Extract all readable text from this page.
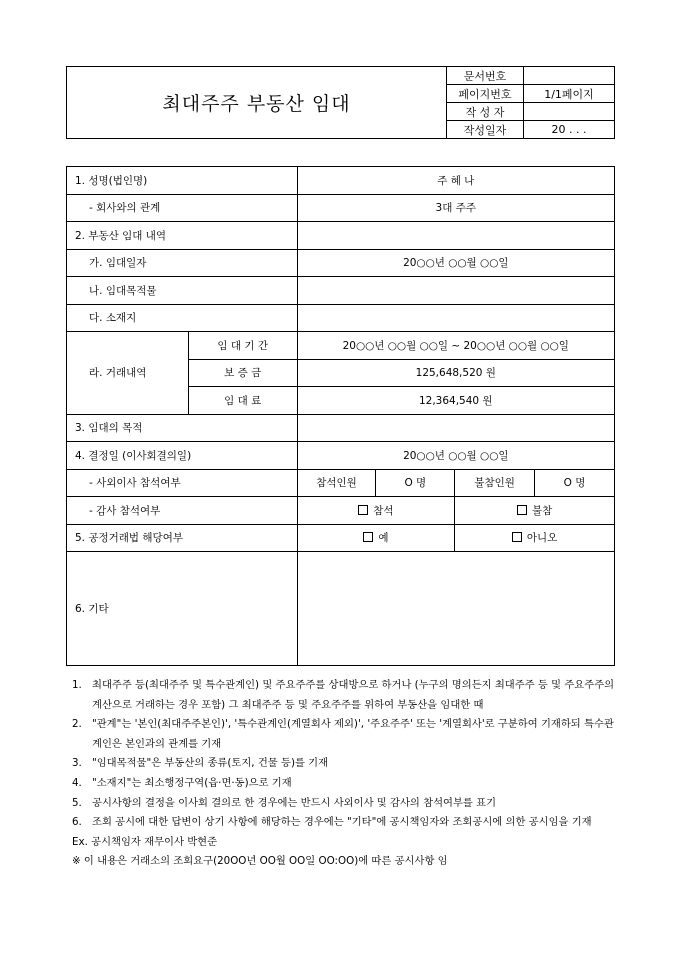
최대주주 부동산 임대	문서번호	
	페이지번호	1/1페이지
	작 성 자	
	작성일자	20 . . .
1. 성명(법인명)		주 혜 나			
- 회사와의 관계		3대 주주			
2. 부동산 임대 내역					
가. 임대일자		20○○년 ○○월 ○○일			
나. 임대목적물					
다. 소재지					
라. 거래내역	임 대 기 간	20○○년 ○○월 ○○일 ~ 20○○년 ○○월 ○○일			
	보 증 금	125,648,520 원			
	임 대 료	12,364,540 원			
3. 임대의 목적					
4. 결정일 (이사회결의일)		20○○년 ○○월 ○○일			
- 사외이사 참석여부		참석인원	O 명	불참인원	O 명
- 감사 참석여부		참석		불참	
5. 공정거래법 해당여부		예		아니오	
6. 기타					
1. 최대주주 등(최대주주 및 특수관계인) 및 주요주주를 상대방으로 하거나 (누구의 명의든지 최대주주 등 및 주요주주의 계산으로 거래하는 경우 포함) 그 최대주주 등 및 주요주주를 위하여 부동산을 임대한 때
2. "관계"는 '본인(최대주주본인)', '특수관계인(계열회사 제외)', '주요주주' 또는 '계열회사'로 구분하여 기재하되 특수관계인은 본인과의 관계를 기재
3. "임대목적물"은 부동산의 종류(토지, 건물 등)를 기재
4. "소재지"는 최소행정구역(읍·면·동)으로 기재
5. 공시사항의 결정을 이사회 결의로 한 경우에는 반드시 사외이사 및 감사의 참석여부를 표기
6. 조회 공시에 대한 답변이 상기 사항에 해당하는 경우에는 "기타"에 공시책임자와 조회공시에 의한 공시임을 기재
Ex. 공시책임자 재무이사 박현준
※ 이 내용은 거래소의 조회요구(20OO년 OO월 OO일 OO:OO)에 따른 공시사항 임
